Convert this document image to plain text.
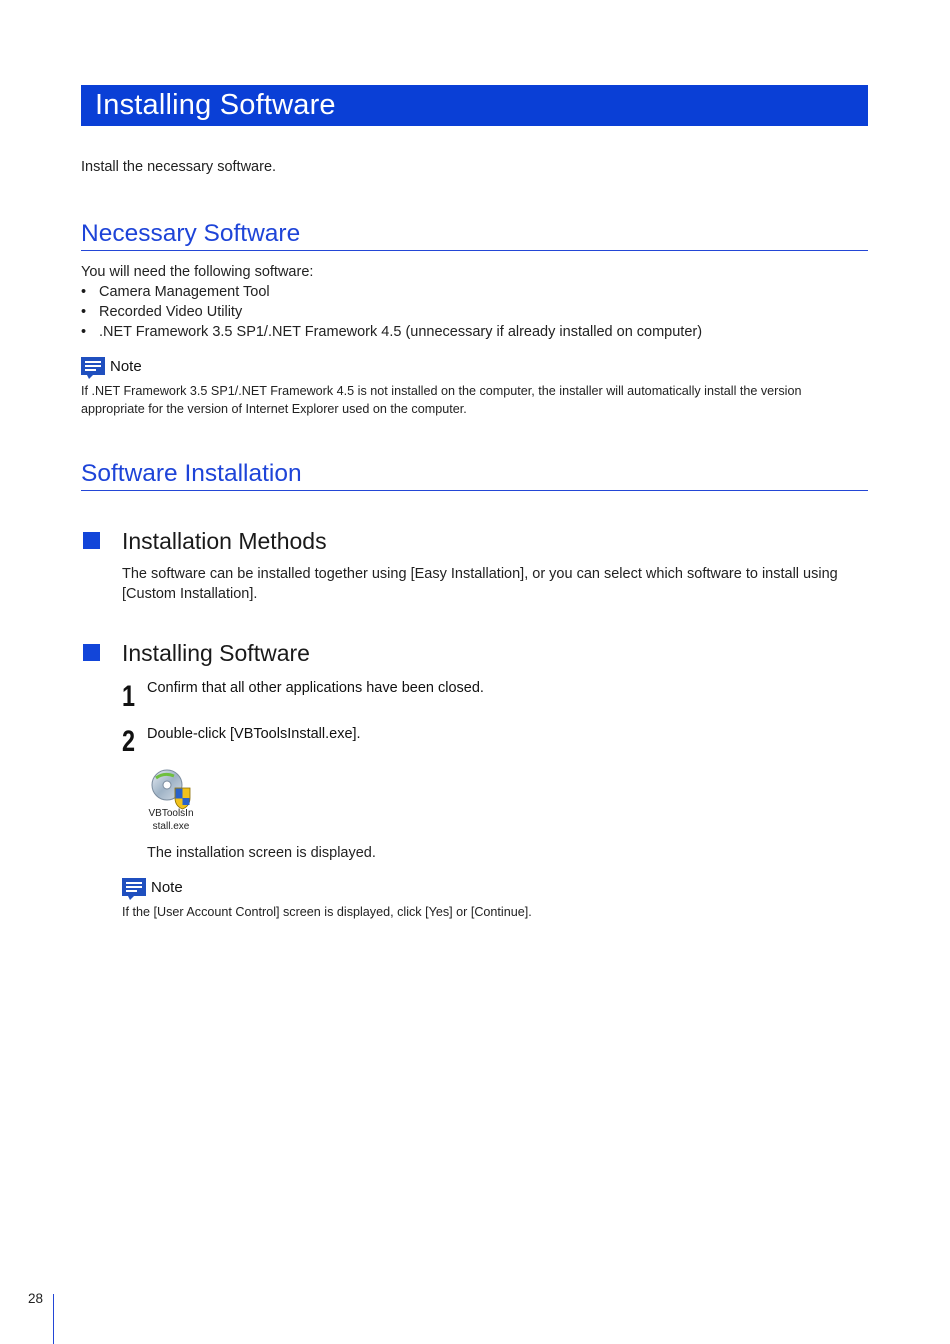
Installing Software
Install the necessary software.
Necessary Software
You will need the following software:
• Camera Management Tool
• Recorded Video Utility
• .NET Framework 3.5 SP1/.NET Framework 4.5 (unnecessary if already installed on computer)
Note
If .NET Framework 3.5 SP1/.NET Framework 4.5 is not installed on the computer, the installer will automatically install the version
appropriate for the version of Internet Explorer used on the computer.
Software Installation
Installation Methods
The software can be installed together using [Easy Installation], or you can select which software to install using
[Custom Installation].
Installing Software
1 Confirm that all other applications have been closed.
2 Double-click [VBToolsInstall.exe].
VBToolsIn
stall.exe
The installation screen is displayed.
Note
If the [User Account Control] screen is displayed, click [Yes] or [Continue].
28
